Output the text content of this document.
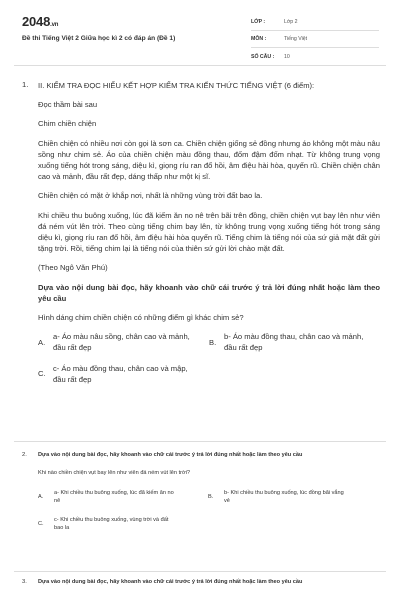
2048.vn
Đề thi Tiếng Việt 2 Giữa học kì 2 có đáp án (Đề 1)
LỚP :	Lớp 2
MÔN :	Tiếng Việt
SỐ CÂU :	10
1. II. KIỂM TRA ĐỌC HIỂU KẾT HỢP KIỂM TRA KIẾN THỨC TIẾNG VIỆT (6 điểm):
Đọc thầm bài sau
Chim chiền chiện
Chiền chiện có nhiều nơi còn gọi là sơn ca. Chiền chiện giống sẻ đồng nhưng áo không một màu nâu sồng như chim sẻ. Áo của chiền chiện màu đồng thau, đốm đậm đốm nhạt. Từ không trung vọng xuống tiếng hót trong sáng, diệu kì, giọng ríu ran đổ hồi, âm điệu hài hòa, quyến rũ. Chiền chiện chân cao và mảnh, đầu rất đẹp, dáng thấp như một kị sĩ.
Chiền chiện có mặt ở khắp nơi, nhất là những vùng trời đất bao la.
Khi chiều thu buông xuống, lúc đã kiếm ăn no nê trên bãi trên đồng, chiền chiện vụt bay lên như viên đá ném vút lên trời. Theo cùng tiếng chim bay lên, từ không trung vọng xuống tiếng hót trong sáng diệu kì, giọng ríu ran đổ hồi, âm điệu hài hòa quyến rũ. Tiếng chim là tiếng nói của sứ giả mặt đất gửi tặng trời. Rồi, tiếng chim lại là tiếng nói của thiên sứ gửi lời chào mặt đất.
(Theo Ngô Văn Phú)
Dựa vào nội dung bài đọc, hãy khoanh vào chữ cái trước ý trả lời đúng nhất hoặc làm theo yêu cầu
Hình dáng chim chiền chiện có những điểm gì khác chim sẻ?
A.
a- Áo màu nâu sồng, chân cao và mảnh, đầu rất đẹp
B.
b- Áo màu đồng thau, chân cao và mảnh, đầu rất đẹp
C.
c- Áo màu đồng thau, chân cao và mập, đầu rất đẹp
2. Dựa vào nội dung bài đọc, hãy khoanh vào chữ cái trước ý trả lời đúng nhất hoặc làm theo yêu cầu
Khi nào chiền chiện vụt bay lên như viên đá ném vút lên trời?
A.
a- Khi chiều thu buông xuống, lúc đã kiếm ăn no nê
B.
b- Khi chiều thu buông xuống, lúc đồng bãi vắng vẻ
C.
c- Khi chiều thu buông xuống, vùng trời và đất bao la
3. Dựa vào nội dung bài đọc, hãy khoanh vào chữ cái trước ý trả lời đúng nhất hoặc làm theo yêu cầu
